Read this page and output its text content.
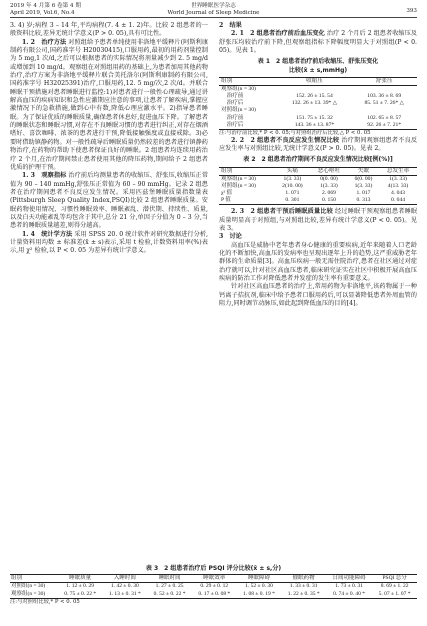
2019 年 4 月第 6 卷第 4 期
April 2019, Vol.6, No.4
世界睡眠医学杂志
World Journal of Sleep Medicine	393

3. 4) 岁;病程 3 – 14 年,平均病程(7. 4 ± 1. 2)年。比较 2 组患者的一般资料比较,差异无统计学意义(P > 0. 05),具有可比性。

1. 2　治疗方法 对照组给予患者单纯使用非洛地平缓释片(阿斯利康制药有限公司,国药准字号 H20030415),口服用药,最初的用药剂量控制为 5 mg,1 次/d,之后可以根据患者的实际情况将剂量减少到 2. 5 mg/d 或增加到 10 mg/d。观察组在对照组用药的基础上,为患者加用其他药物治疗,治疗方案为非洛地平缓释片联合美托洛尔(阿斯利康制药有限公司,国药准字号 H32025391)治疗,口服用药,12. 5 mg/次,2 次/d。并联合睡眠干预措施对患者睡眠进行监控:1)对患者进行一般性心理疏导,通过讲解高血压的疾病知识和急性应激期应注意的事项,让患者了解疾病,掌握应激情况下的急救措施,做到心中有数,降低心理应激水平。2)指导患者睡眠。为了保证优质的睡眠质量,确保患者休息好,促进血压下降。了解患者的睡眠状态和睡眠习惯,对存在不良睡眠习惯的患者进行纠正,对存在烟酒嗜好、喜饮咖啡、浓茶的患者进行干预,降低接触强度或直接戒除。3)必要时借助镇静药物。对一般性疏导后睡眠质量仍然较差的患者进行镇静药物治疗,在药物的帮助下使患者保证良好的睡眠。2 组患者均连续用药治疗 2 个月,在治疗期间禁止患者使用其他的降压药物,期间给予 2 组患者优质的护理干预。

1. 3　观察指标 治疗前后均测量患者的收缩压、舒张压,收缩压正常值为 90 – 140 mmHg,舒张压正常值为 60 – 90 mmHg。记录 2 组患者在治疗期间患者不良反应发生情况。采用匹兹堡睡眠质量指数量表(Pittsburgh Sleep Quality Index,PSQI)比较 2 组患者睡眠质量。安眠药物使用情况、习惯性睡眠效率、睡眠紊乱、潜伏期、持续性、质量,以及白天功能紊乱等均包含于其中,总分 21 分,单因子分值为 0 – 3 分,当患者的睡眠质量越差,则得分越高。

1. 4　统计学方法 采用 SPSS 20. 0 统计软件对研究数据进行分析,计量资料用均数 ± 标准差(x̄ ± s)表示,采用 t 检验,计数资料用率(%)表示,用 χ² 检验,以 P < 0. 05 为差异有统计学意义。

2　结果

2. 1　2 组患者治疗前后血压变化 治疗 2 个月后 2 组患者收缩压及舒张压均较治疗前下降,但观察组指标下降幅度明显大于对照组(P < 0. 05)。见表 1。

表 1　2 组患者治疗前后收缩压、舒张压变化
比较(x̄ ± s,mmHg)
组别	收缩压	舒张压
观察组(n = 30)		
　治疗前	152. 26 ± 15. 54	103. 36 ± 8. 69
　治疗后	132. 26 ± 13. 39* △	85. 51 ± 7. 26* △
对照组(n = 30)		
　治疗前	151. 75 ± 15. 32	102. 65 ± 8. 57
　治疗后	143. 36 ± 13. 87*	92. 26 ± 7. 21*

注:与治疗前比较,* P < 0. 05;与对照组治疗后比较,△ P < 0. 05

2. 2　2 组患者不良反应发生情况比较 治疗期间观察组患者不良反应发生率与对照组比较,无统计学意义(P > 0. 05)。见表 2。

表 2　2 组患者治疗期间不良反应发生情况比较[例(%)]
组别	头痛	恶心呕吐	失眠	总发生率
观察组(n = 30)	1(3. 33)	0(0. 00)	0(0. 00)	1(3. 33)
对照组(n = 30)	2(10. 00)	1(3. 33)	1(3. 33)	4(13. 33)
χ² 值	1. 071	2. 069	1. 017	4. 043
P 值	0. 301	0. 150	0. 313	0. 044

2. 3　2 组患者干预后睡眠质量比较 经过睡眠干预观察组患者睡眠质量明显高于对照组,与对照组比较,差异有统计学意义(P < 0. 05)。见表 3。

3　讨论

高血压是威胁中老年患者身心健康的重要疾病,近年来随着人口老龄化的不断加快,高血压的发病率也呈现出逐年上升的趋势,这严重威胁老年群体的生命质量[3]。高血压疾病一般无需住院治疗,患者在社区通过对症治疗就可以,针对社区高血压患者,临床研究证实在社区中积极开展高血压疾病的防治工作对降低患者并发症的发生率有重要意义。

针对社区高血压患者的治疗上,常用药物为非洛地平,该药物属于一种钙离子拮抗剂,临床中给予患者口服用药后,可以显著降低患者外周血管的阻力,同时调节动脉压,如此起到降低血压的目的[4]。

表 3　2 组患者治疗后 PSQI 评分比较(x̄ ± s,分)
组别	睡眠质量	入睡时间	睡眠时间	睡眠效率	睡眠障碍	催眠药物	日间功能障碍	PSQI 总分
对照组(n = 30)	1. 12 ± 0. 29	1. 42 ± 0. 30	1. 27 ± 0. 25	0. 29 ± 0. 12	1. 52 ± 0. 30	1. 33 ± 0. 31	1. 73 ± 0. 31	8. 69 ± 1. 22
观察组(n = 30)	0. 75 ± 0. 22 *	1. 13 ± 0. 31 *	0. 52 ± 0. 22 *	0. 17 ± 0. 08 *	1. 08 ± 0. 19 *	1. 22 ± 0. 35 *	0. 74 ± 0. 40 *	5. 07 ± 1. 07 *

注:与对照组比较,* P < 0. 05
